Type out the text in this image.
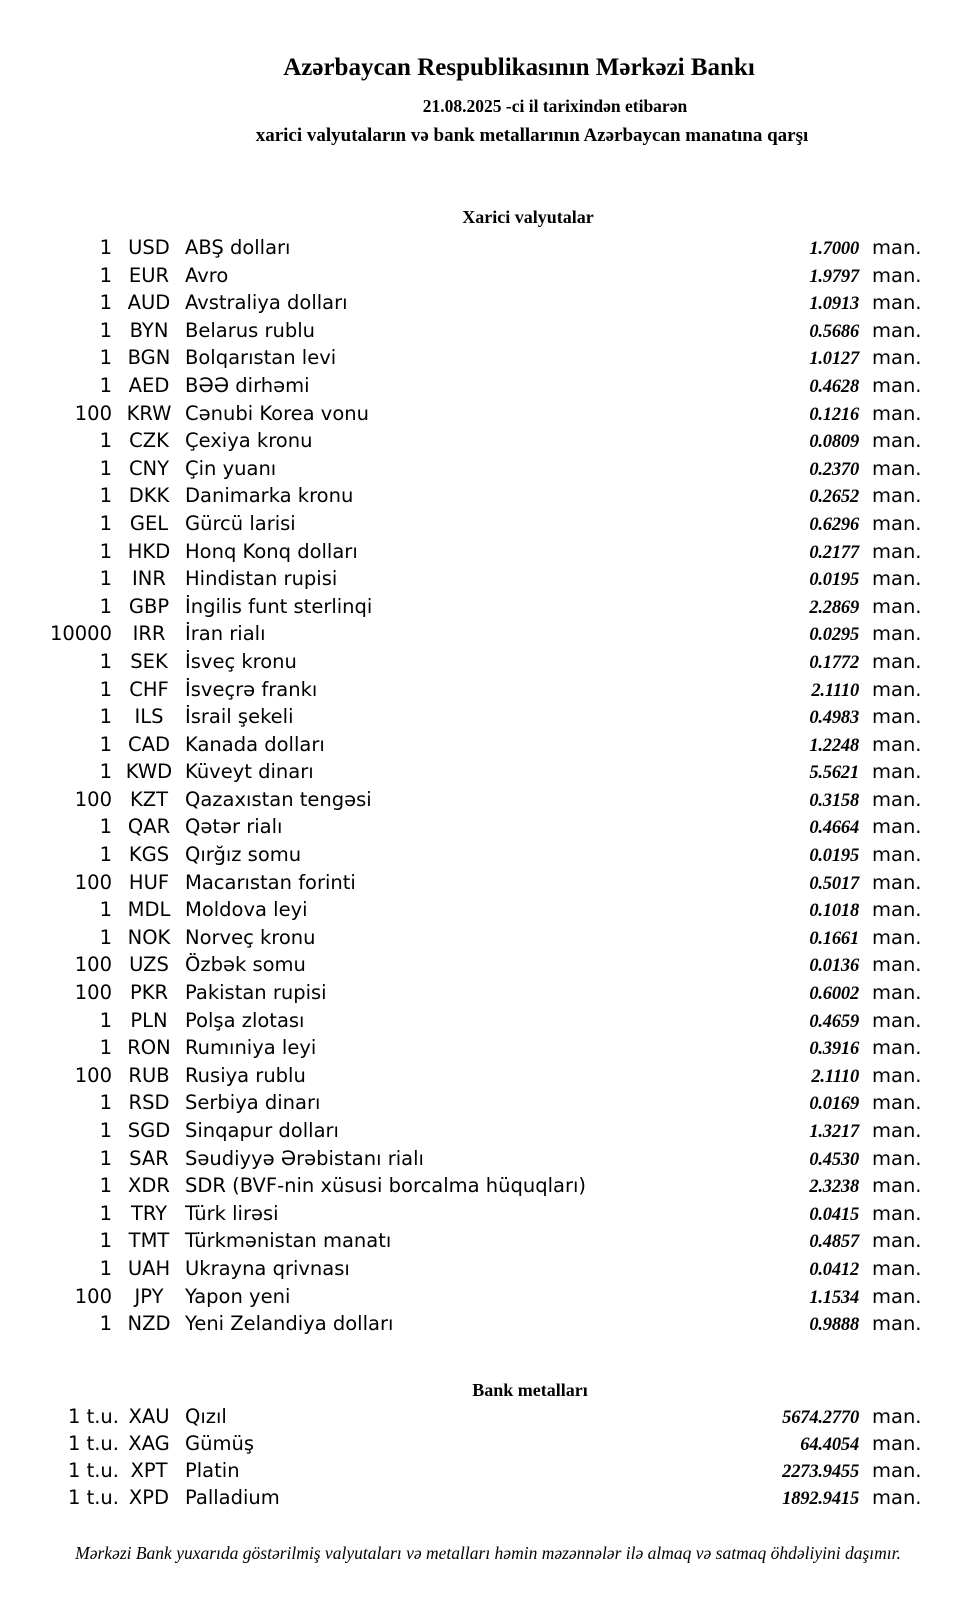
Azərbaycan Respublikasının Mərkəzi Bankı
21.08.2025 -ci il tarixindən etibarən
xarici valyutaların və bank metallarının Azərbaycan manatına qarşı
Xarici valyutalar
1 USD ABŞ dolları	1.7000 man.
1 EUR Avro	1.9797 man.
1 AUD Avstraliya dolları	1.0913 man.
1 BYN Belarus rublu	0.5686 man.
1 BGN Bolqarıstan levi	1.0127 man.
1 AED BƏƏ dirhəmi	0.4628 man.
100 KRW Cənubi Korea vonu	0.1216 man.
1 CZK Çexiya kronu	0.0809 man.
1 CNY Çin yuanı	0.2370 man.
1 DKK Danimarka kronu	0.2652 man.
1 GEL Gürcü larisi	0.6296 man.
1 HKD Honq Konq dolları	0.2177 man.
1	INR Hindistan rupisi	0.0195 man.
1 GBP İngilis funt sterlinqi	2.2869 man.
10000	IRR	İran rialı	0.0295 man.
1 SEK İsveç kronu	0.1772 man.
1 CHF İsveçrə frankı	2.1110 man.
1	ILS	İsrail şekeli	0.4983 man.
1 CAD Kanada dolları	1.2248 man.
1 KWD Küveyt dinarı	5.5621 man.
100 KZT Qazaxıstan tengəsi	0.3158 man.
1 QAR Qətər rialı	0.4664 man.
1 KGS Qırğız somu	0.0195 man.
100 HUF Macarıstan forinti	0.5017 man.
1 MDL Moldova leyi	0.1018 man.
1 NOK Norveç kronu	0.1661 man.
100 UZS Özbək somu	0.0136 man.
100 PKR Pakistan rupisi	0.6002 man.
1 PLN Polşa zlotası	0.4659 man.
1 RON Rumıniya leyi	0.3916 man.
100 RUB Rusiya rublu	2.1110 man.
1 RSD Serbiya dinarı	0.0169 man.
1 SGD Sinqapur dolları	1.3217 man.
1 SAR Səudiyyə Ərəbistanı rialı	0.4530 man.
1 XDR SDR (BVF-nin xüsusi borcalma hüquqları)	2.3238 man.
1 TRY Türk lirəsi	0.0415 man.
1 TMT Türkmənistan manatı	0.4857 man.
1 UAH Ukrayna qrivnası	0.0412 man.
100	JPY	Yapon yeni	1.1534 man.
1 NZD Yeni Zelandiya dolları	0.9888 man.
Bank metalları
1 t.u. XAU Qızıl	5674.2770 man.
1 t.u. XAG Gümüş	64.4054 man.
1 t.u. XPT Platin	2273.9455 man.
1 t.u. XPD Palladium	1892.9415 man.
Mərkəzi Bank yuxarıda göstərilmiş valyutaları və metalları həmin məzənnələr ilə almaq və satmaq öhdəliyini daşımır.
